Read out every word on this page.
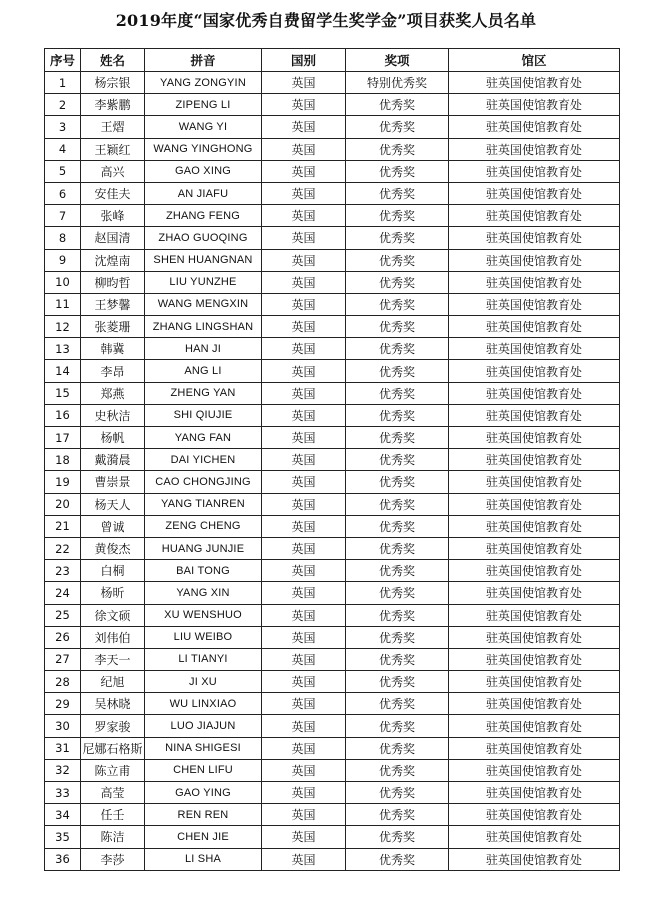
2019年度“国家优秀自费留学生奖学金”项目获奖人员名单
序号	姓名	拼音	国别	奖项	馆区
1	杨宗银	YANG ZONGYIN	英国	特别优秀奖	驻英国使馆教育处
2	李紫鹏	ZIPENG LI	英国	优秀奖	驻英国使馆教育处
3	王熠	WANG YI	英国	优秀奖	驻英国使馆教育处
4	王颖红	WANG YINGHONG	英国	优秀奖	驻英国使馆教育处
5	高兴	GAO XING	英国	优秀奖	驻英国使馆教育处
6	安佳夫	AN JIAFU	英国	优秀奖	驻英国使馆教育处
7	张峰	ZHANG FENG	英国	优秀奖	驻英国使馆教育处
8	赵国清	ZHAO GUOQING	英国	优秀奖	驻英国使馆教育处
9	沈煌南	SHEN HUANGNAN	英国	优秀奖	驻英国使馆教育处
10	柳昀哲	LIU YUNZHE	英国	优秀奖	驻英国使馆教育处
11	王梦馨	WANG MENGXIN	英国	优秀奖	驻英国使馆教育处
12	张菱珊	ZHANG LINGSHAN	英国	优秀奖	驻英国使馆教育处
13	韩冀	HAN JI	英国	优秀奖	驻英国使馆教育处
14	李昂	ANG LI	英国	优秀奖	驻英国使馆教育处
15	郑燕	ZHENG YAN	英国	优秀奖	驻英国使馆教育处
16	史秋洁	SHI QIUJIE	英国	优秀奖	驻英国使馆教育处
17	杨帆	YANG FAN	英国	优秀奖	驻英国使馆教育处
18	戴漪晨	DAI YICHEN	英国	优秀奖	驻英国使馆教育处
19	曹崇景	CAO CHONGJING	英国	优秀奖	驻英国使馆教育处
20	杨天人	YANG TIANREN	英国	优秀奖	驻英国使馆教育处
21	曾诚	ZENG CHENG	英国	优秀奖	驻英国使馆教育处
22	黄俊杰	HUANG JUNJIE	英国	优秀奖	驻英国使馆教育处
23	白桐	BAI TONG	英国	优秀奖	驻英国使馆教育处
24	杨昕	YANG XIN	英国	优秀奖	驻英国使馆教育处
25	徐文硕	XU WENSHUO	英国	优秀奖	驻英国使馆教育处
26	刘伟伯	LIU WEIBO	英国	优秀奖	驻英国使馆教育处
27	李天一	LI TIANYI	英国	优秀奖	驻英国使馆教育处
28	纪旭	JI XU	英国	优秀奖	驻英国使馆教育处
29	吴林晓	WU LINXIAO	英国	优秀奖	驻英国使馆教育处
30	罗家骏	LUO JIAJUN	英国	优秀奖	驻英国使馆教育处
31	尼娜石格斯	NINA SHIGESI	英国	优秀奖	驻英国使馆教育处
32	陈立甫	CHEN LIFU	英国	优秀奖	驻英国使馆教育处
33	高莹	GAO YING	英国	优秀奖	驻英国使馆教育处
34	任壬	REN REN	英国	优秀奖	驻英国使馆教育处
35	陈洁	CHEN JIE	英国	优秀奖	驻英国使馆教育处
36	李莎	LI SHA	英国	优秀奖	驻英国使馆教育处
